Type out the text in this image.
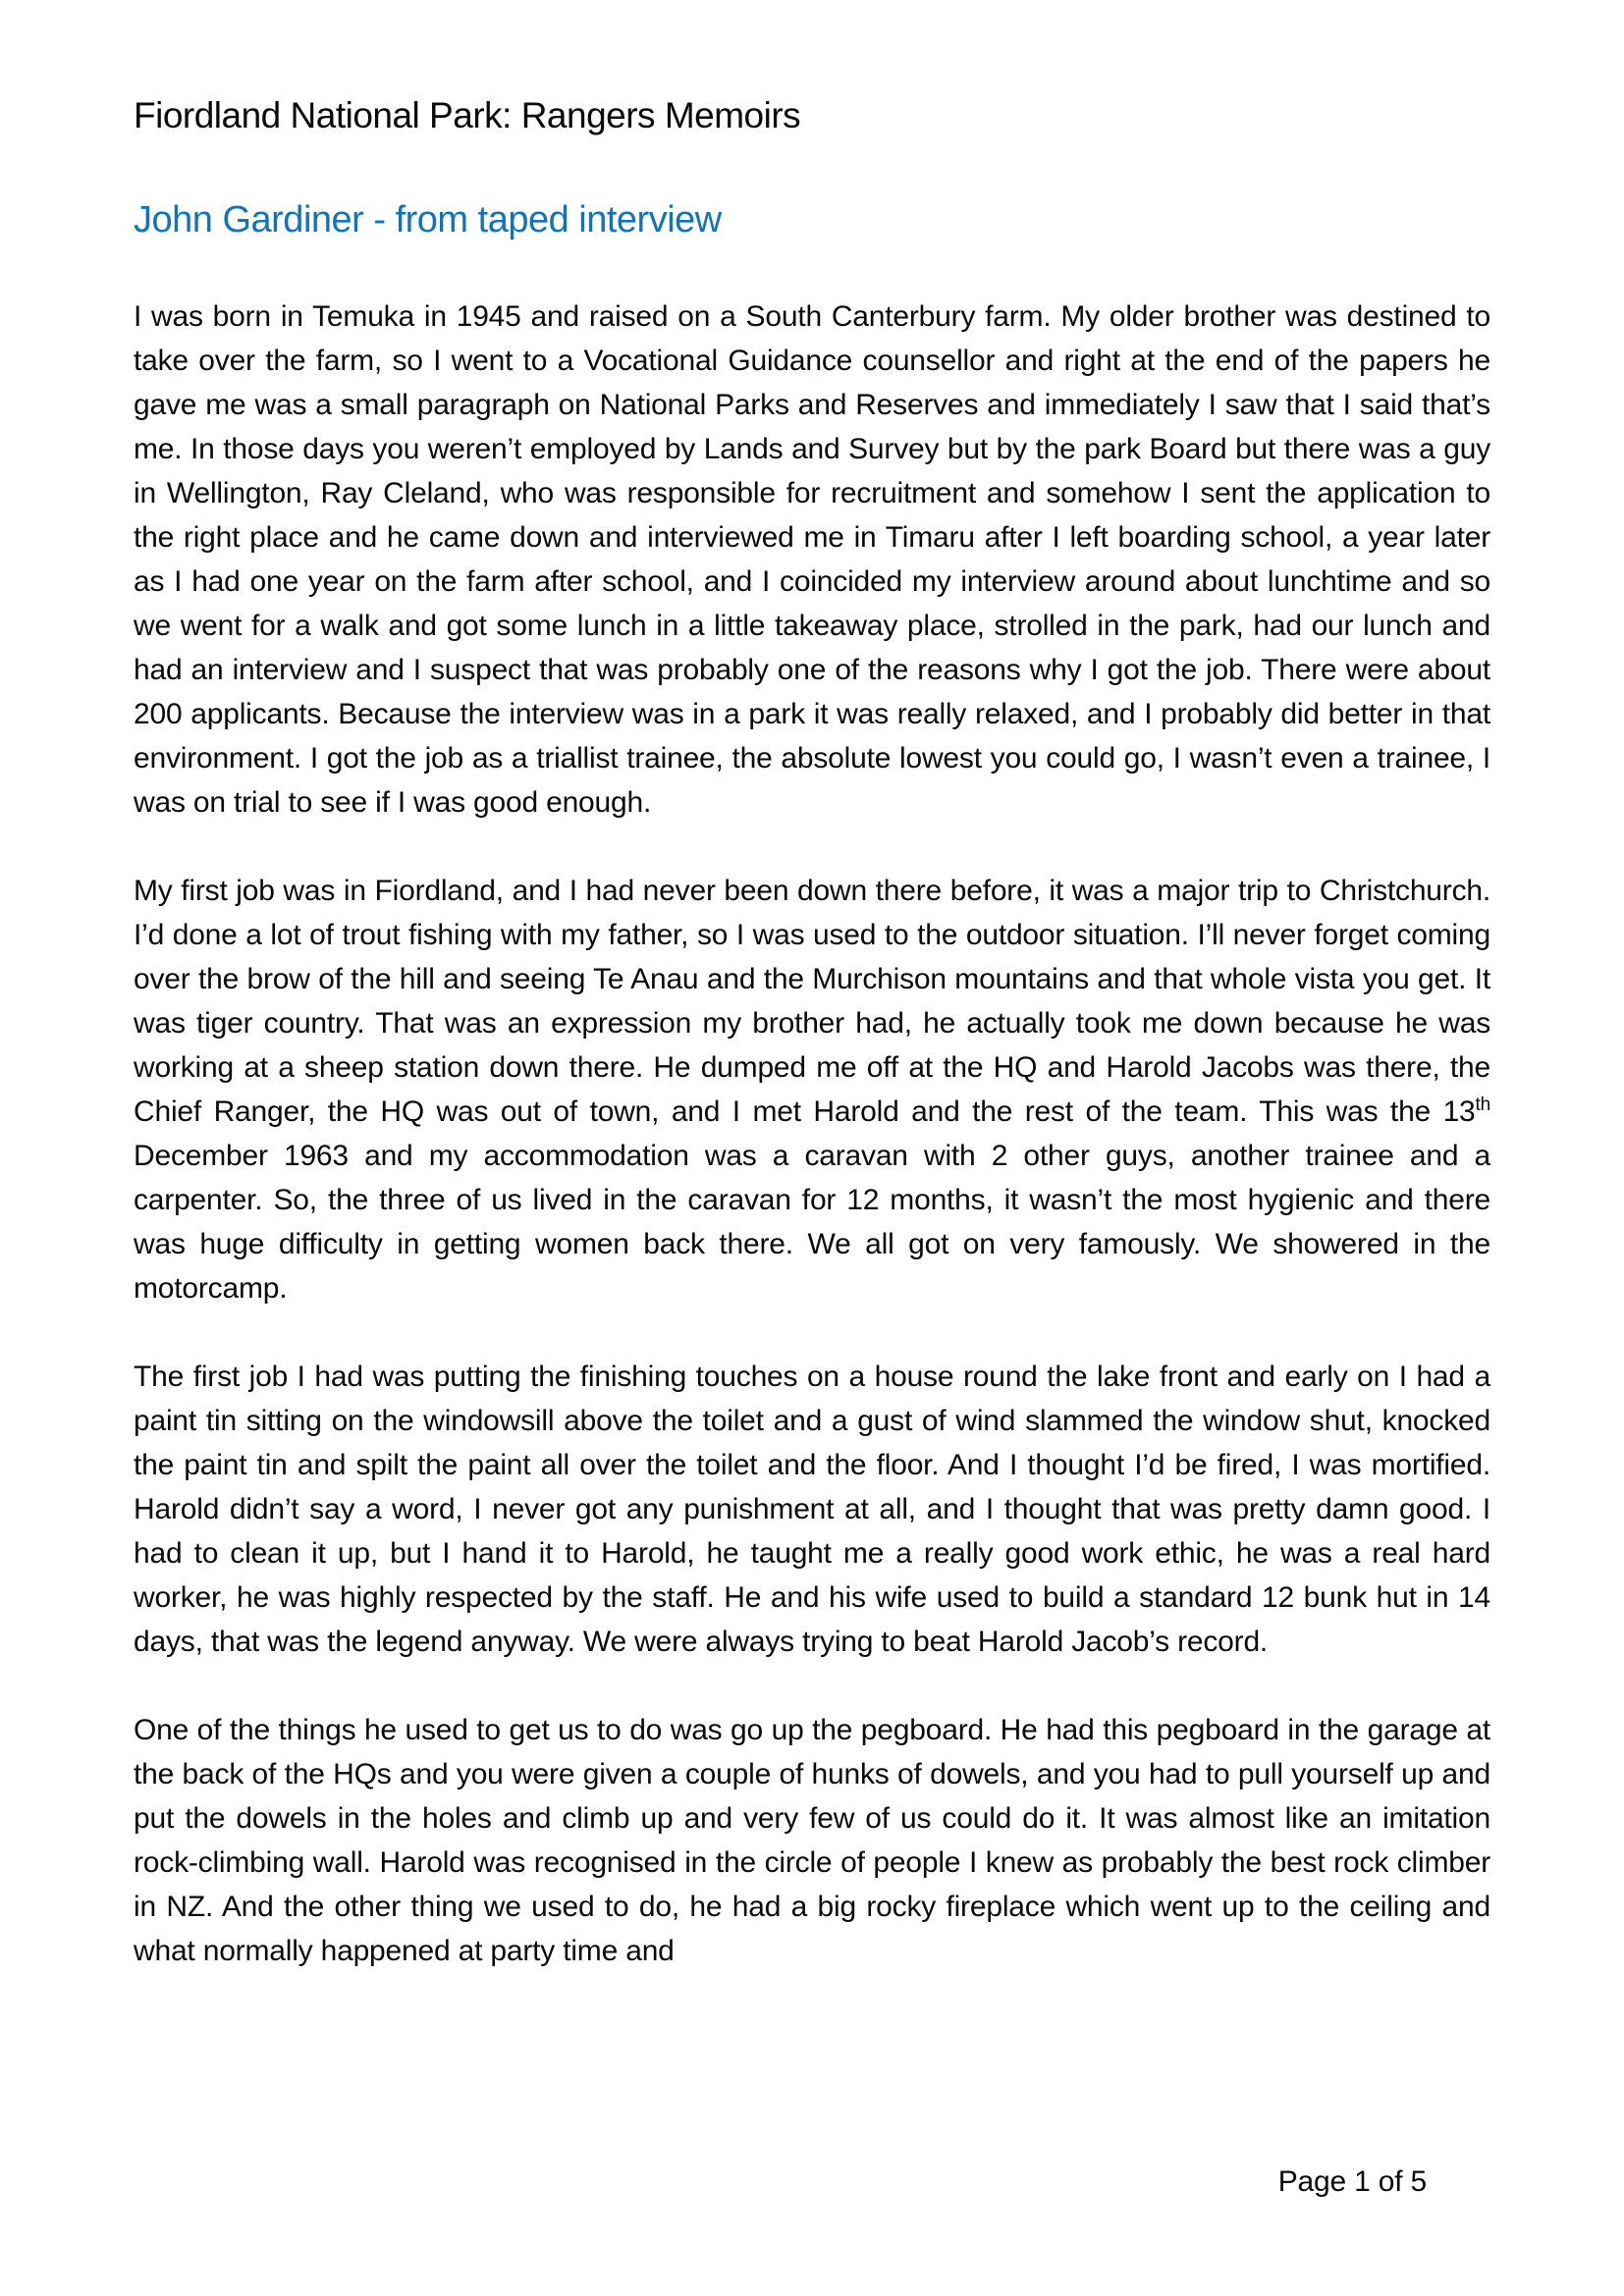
Fiordland National Park: Rangers Memoirs
John Gardiner - from taped interview

I was born in Temuka in 1945 and raised on a South Canterbury farm. My older brother was destined to take over the farm, so I went to a Vocational Guidance counsellor and right at the end of the papers he gave me was a small paragraph on National Parks and Reserves and immediately I saw that I said that’s me. In those days you weren’t employed by Lands and Survey but by the park Board but there was a guy in Wellington, Ray Cleland, who was responsible for recruitment and somehow I sent the application to the right place and he came down and interviewed me in Timaru after I left boarding school, a year later as I had one year on the farm after school, and I coincided my interview around about lunchtime and so we went for a walk and got some lunch in a little takeaway place, strolled in the park, had our lunch and had an interview and I suspect that was probably one of the reasons why I got the job. There were about 200 applicants. Because the interview was in a park it was really relaxed, and I probably did better in that environment. I got the job as a triallist trainee, the absolute lowest you could go, I wasn’t even a trainee, I was on trial to see if I was good enough.

My first job was in Fiordland, and I had never been down there before, it was a major trip to Christchurch. I’d done a lot of trout fishing with my father, so I was used to the outdoor situation. I’ll never forget coming over the brow of the hill and seeing Te Anau and the Murchison mountains and that whole vista you get. It was tiger country. That was an expression my brother had, he actually took me down because he was working at a sheep station down there. He dumped me off at the HQ and Harold Jacobs was there, the Chief Ranger, the HQ was out of town, and I met Harold and the rest of the team. This was the 13th December 1963 and my accommodation was a caravan with 2 other guys, another trainee and a carpenter. So, the three of us lived in the caravan for 12 months, it wasn’t the most hygienic and there was huge difficulty in getting women back there. We all got on very famously. We showered in the motorcamp.

The first job I had was putting the finishing touches on a house round the lake front and early on I had a paint tin sitting on the windowsill above the toilet and a gust of wind slammed the window shut, knocked the paint tin and spilt the paint all over the toilet and the floor. And I thought I’d be fired, I was mortified. Harold didn’t say a word, I never got any punishment at all, and I thought that was pretty damn good. I had to clean it up, but I hand it to Harold, he taught me a really good work ethic, he was a real hard worker, he was highly respected by the staff. He and his wife used to build a standard 12 bunk hut in 14 days, that was the legend anyway. We were always trying to beat Harold Jacob’s record.

One of the things he used to get us to do was go up the pegboard. He had this pegboard in the garage at the back of the HQs and you were given a couple of hunks of dowels, and you had to pull yourself up and put the dowels in the holes and climb up and very few of us could do it. It was almost like an imitation rock-climbing wall. Harold was recognised in the circle of people I knew as probably the best rock climber in NZ. And the other thing we used to do, he had a big rocky fireplace which went up to the ceiling and what normally happened at party time and

Page 1 of 5
